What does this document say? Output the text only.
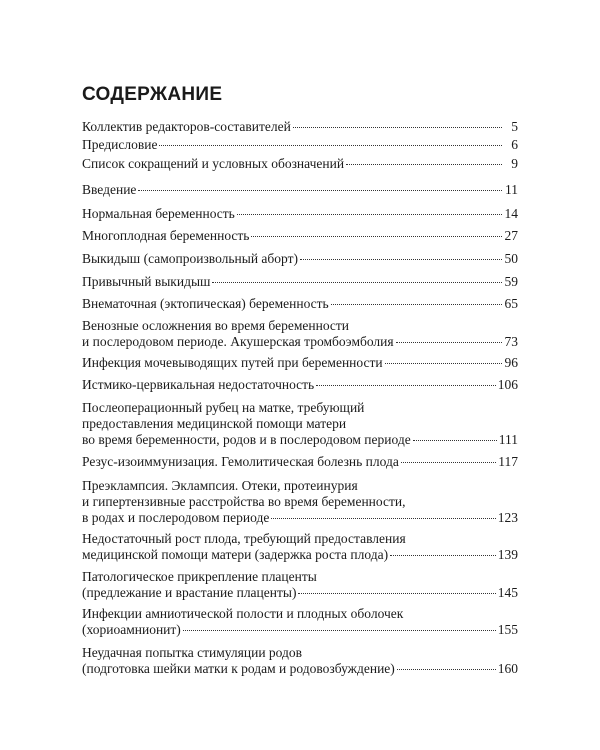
СОДЕРЖАНИЕ
Коллектив редакторов-составителей	5
Предисловие	6
Список сокращений и условных обозначений	9
Введение	11
Нормальная беременность	14
Многоплодная беременность	27
Выкидыш (самопроизвольный аборт)	50
Привычный выкидыш	59
Внематочная (эктопическая) беременность	65
Венозные осложнения во время беременности
и послеродовом периоде. Акушерская тромбоэмболия	73
Инфекция мочевыводящих путей при беременности	96
Истмико-цервикальная недостаточность	106
Послеоперационный рубец на матке, требующий
предоставления медицинской помощи матери
во время беременности, родов и в послеродовом периоде	111
Резус-изоиммунизация. Гемолитическая болезнь плода	117
Преэклампсия. Эклампсия. Отеки, протеинурия
и гипертензивные расстройства во время беременности,
в родах и послеродовом периоде	123
Недостаточный рост плода, требующий предоставления
медицинской помощи матери (задержка роста плода)	139
Патологическое прикрепление плаценты
(предлежание и врастание плаценты)	145
Инфекции амниотической полости и плодных оболочек
(хориоамнионит)	155
Неудачная попытка стимуляции родов
(подготовка шейки матки к родам и родовозбуждение)	160
